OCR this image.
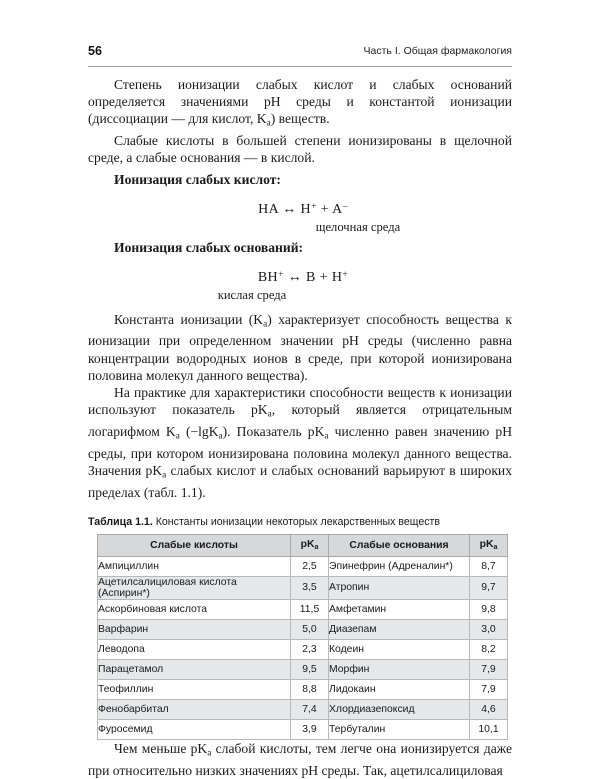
56	Часть I. Общая фармакология

Степень ионизации слабых кислот и слабых оснований определяется значениями pH среды и константой ионизации (диссоциации — для кислот, $K_a$) веществ.

Слабые кислоты в большей степени ионизированы в щелочной среде, а слабые основания — в кислой.

Ионизация слабых кислот:

HA ↔ H+ + A–
щелочная среда

Ионизация слабых оснований:

BH+ ↔ B + H+
кислая среда

Константа ионизации $(K_a)$ характеризует способность вещества к ионизации при определенном значении pH среды (численно равна концентрации водородных ионов в среде, при которой ионизирована половина молекул данного вещества).

На практике для характеристики способности веществ к ионизации используют показатель $pK_a$, который является отрицательным логарифмом $K_a$ (−lgK$_a$). Показатель $pK_a$ численно равен значению pH среды, при котором ионизирована половина молекул данного вещества. Значения $pK_a$ слабых кислот и слабых оснований варьируют в широких пределах (табл. 1.1).

Таблица 1.1. Константы ионизации некоторых лекарственных веществ
Слабые кислоты	$pK_a$	Слабые основания	$pK_a$
Ампициллин	2,5	Эпинефрин (Адреналин*)	8,7
Ацетилсалициловая кислота (Аспирин*)	3,5	Атропин	9,7
Аскорбиновая кислота	11,5	Амфетамин	9,8
Варфарин	5,0	Диазепам	3,0
Леводопа	2,3	Кодеин	8,2
Парацетамол	9,5	Морфин	7,9
Теофиллин	8,8	Лидокаин	7,9
Фенобарбитал	7,4	Хлордиазепоксид	4,6
Фуросемид	3,9	Тербуталин	10,1

Чем меньше $pK_a$ слабой кислоты, тем легче она ионизируется даже при относительно низких значениях pH среды. Так, ацетилсалициловая
